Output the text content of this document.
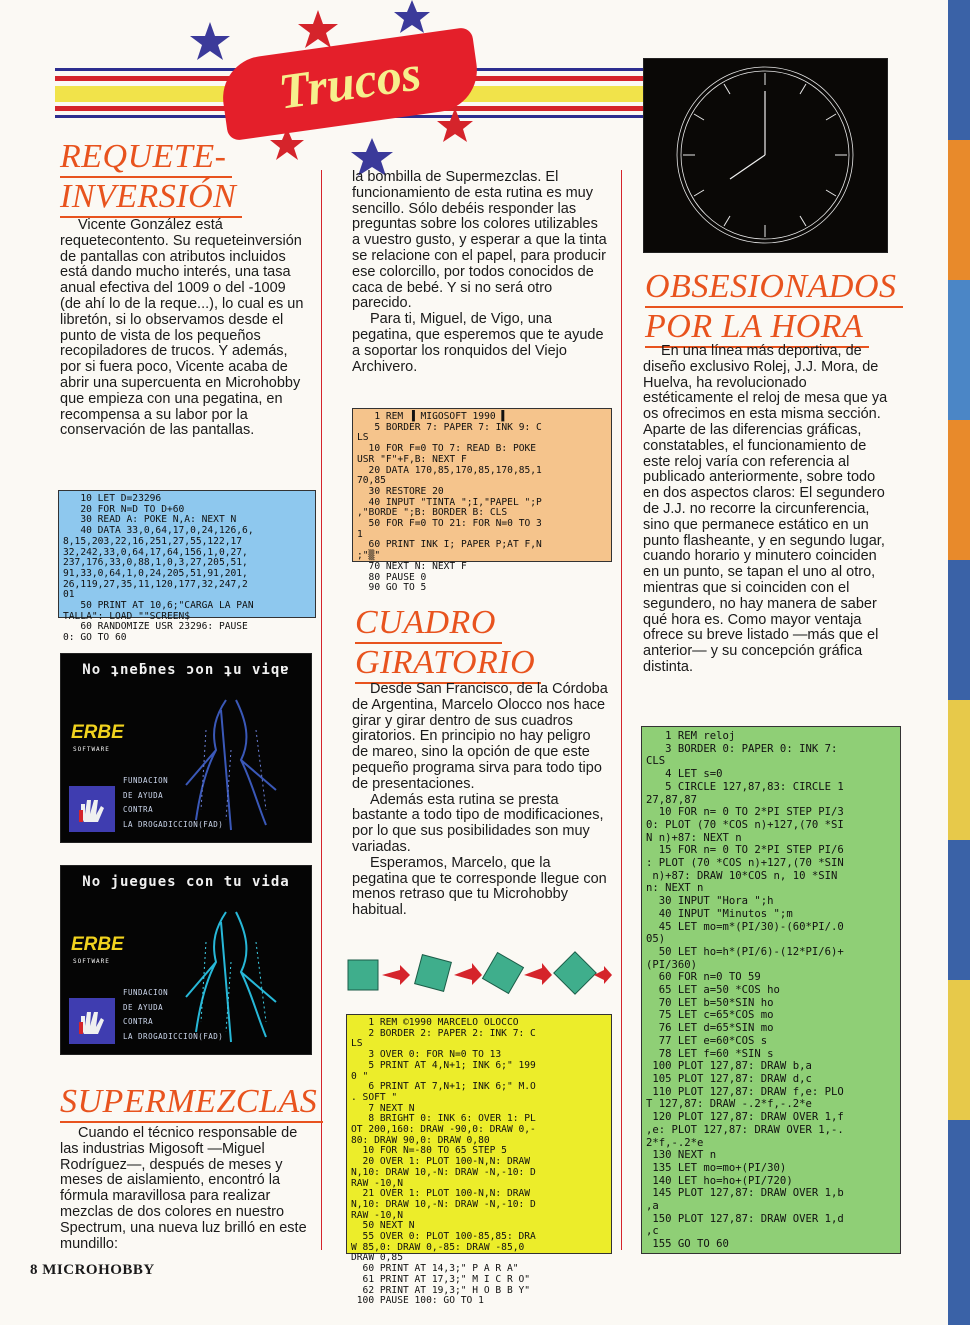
Trucos
REQUETE-
INVERSIÓN

Vicente González está requetecontento. Su requeteinversión de pantallas con atributos incluidos está dando mucho interés, una tasa anual efectiva del 1009 o del -1009 (de ahí lo de la reque...), lo cual es un libretón, si lo observamos desde el punto de vista de los pequeños recopiladores de trucos. Y además, por si fuera poco, Vicente acaba de abrir una supercuenta en Microhobby que empieza con una pegatina, en recompensa a su labor por la conservación de las pantallas.

10 LET D=23296
20 FOR N=D TO D+60
30 READ A: POKE N,A: NEXT N
40 DATA 33,0,64,17,0,24,126,6,
8,15,203,22,16,251,27,55,122,17
32,242,33,0,64,17,64,156,1,0,27,
237,176,33,0,88,1,0,3,27,205,51,
91,33,0,64,1,0,24,205,51,91,201,
26,119,27,35,11,120,177,32,247,2
01
50 PRINT AT 10,6;"CARGA LA PAN
TALLA": LOAD ""SCREEN$
60 RANDOMIZE USR 23296: PAUSE
0: GO TO 60
No ʇneƃnes ɔon ʇu viqɐ
ERBE
SOFTWARE
FUNDACION
DE AYUDA
CONTRA
LA DROGADICCION(FAD)
No juegues con tu vida
ERBE
SOFTWARE
FUNDACION
DE AYUDA
CONTRA
LA DROGADICCION(FAD)
SUPERMEZCLAS

Cuando el técnico responsable de las industrias Migosoft —Miguel Rodríguez—, después de meses y meses de aislamiento, encontró la fórmula maravillosa para realizar mezclas de dos colores en nuestro Spectrum, una nueva luz brilló en este mundillo:

la bombilla de Supermezclas. El funcionamiento de esta rutina es muy sencillo. Sólo debéis responder las preguntas sobre los colores utilizables a vuestro gusto, y esperar a que la tinta se relacione con el papel, para producir ese colorcillo, por todos conocidos de caca de bebé. Y si no será otro parecido.

Para ti, Miguel, de Vigo, una pegatina, que esperemos que te ayude a soportar los ronquidos del Viejo Archivero.

1 REM ▐ MIGOSOFT 1990 ▌
5 BORDER 7: PAPER 7: INK 9: C
LS
10 FOR F=0 TO 7: READ B: POKE
USR "F"+F,B: NEXT F
20 DATA 170,85,170,85,170,85,1
70,85
30 RESTORE 20
40 INPUT "TINTA ";I,"PAPEL ";P
,"BORDE ";B: BORDER B: CLS
50 FOR F=0 TO 21: FOR N=0 TO 3
1
60 PRINT INK I; PAPER P;AT F,N
;"▒"
70 NEXT N: NEXT F
80 PAUSE 0
90 GO TO 5
CUADRO
GIRATORIO

Desde San Francisco, de la Córdoba de Argentina, Marcelo Olocco nos hace girar y girar dentro de sus cuadros giratorios. En principio no hay peligro de mareo, sino la opción de que este pequeño programa sirva para todo tipo de presentaciones.

Además esta rutina se presta bastante a todo tipo de modificaciones, por lo que sus posibilidades son muy variadas.

Esperamos, Marcelo, que la pegatina que te corresponde llegue con menos retraso que tu Microhobby habitual.

1 REM ©1990 MARCELO OLOCCO
2 BORDER 2: PAPER 2: INK 7: C
LS
3 OVER 0: FOR N=0 TO 13
5 PRINT AT 4,N+1; INK 6;" 199
0 "
6 PRINT AT 7,N+1; INK 6;" M.O
. SOFT "
7 NEXT N
8 BRIGHT 0: INK 6: OVER 1: PL
OT 200,160: DRAW -90,0: DRAW 0,-
80: DRAW 90,0: DRAW 0,80
10 FOR N=-80 TO 65 STEP 5
20 OVER 1: PLOT 100-N,N: DRAW
N,10: DRAW 10,-N: DRAW -N,-10: D
RAW -10,N
21 OVER 1: PLOT 100-N,N: DRAW
N,10: DRAW 10,-N: DRAW -N,-10: D
RAW -10,N
50 NEXT N
55 OVER 0: PLOT 100-85,85: DRA
W 85,0: DRAW 0,-85: DRAW -85,0
DRAW 0,85
60 PRINT AT 14,3;" P A R A"
61 PRINT AT 17,3;" M I C R O"
62 PRINT AT 19,3;" H O B B Y"
100 PAUSE 100: GO TO 1
OBSESIONADOS
POR LA HORA

En una línea más deportiva, de diseño exclusivo Rolej, J.J. Mora, de Huelva, ha revolucionado estéticamente el reloj de mesa que ya os ofrecimos en esta misma sección. Aparte de las diferencias gráficas, constatables, el funcionamiento de este reloj varía con referencia al publicado anteriormente, sobre todo en dos aspectos claros: El segundero de J.J. no recorre la circunferencia, sino que permanece estático en un punto flasheante, y en segundo lugar, cuando horario y minutero coinciden en un punto, se tapan el uno al otro, mientras que si coinciden con el segundero, no hay manera de saber qué hora es. Como mayor ventaja ofrece su breve listado —más que el anterior— y su concepción gráfica distinta.

1 REM reloj
3 BORDER 0: PAPER 0: INK 7:
CLS
4 LET s=0
5 CIRCLE 127,87,83: CIRCLE 1
27,87,87
10 FOR n= 0 TO 2*PI STEP PI/3
0: PLOT (70 *COS n)+127,(70 *SI
N n)+87: NEXT n
15 FOR n= 0 TO 2*PI STEP PI/6
: PLOT (70 *COS n)+127,(70 *SIN
n)+87: DRAW 10*COS n, 10 *SIN
n: NEXT n
30 INPUT "Hora ";h
40 INPUT "Minutos ";m
45 LET mo=m*(PI/30)-(60*PI/.0
05)
50 LET ho=h*(PI/6)-(12*PI/6)+
(PI/360)
60 FOR n=0 TO 59
65 LET a=50 *COS ho
70 LET b=50*SIN ho
75 LET c=65*COS mo
76 LET d=65*SIN mo
77 LET e=60*COS s
78 LET f=60 *SIN s
100 PLOT 127,87: DRAW b,a
105 PLOT 127,87: DRAW d,c
110 PLOT 127,87: DRAW f,e: PLO
T 127,87: DRAW -.2*f,-.2*e
120 PLOT 127,87: DRAW OVER 1,f
,e: PLOT 127,87: DRAW OVER 1,-.
2*f,-.2*e
130 NEXT n
135 LET mo=mo+(PI/30)
140 LET ho=ho+(PI/720)
145 PLOT 127,87: DRAW OVER 1,b
,a
150 PLOT 127,87: DRAW OVER 1,d
,c
155 GO TO 60
8 MICROHOBBY
